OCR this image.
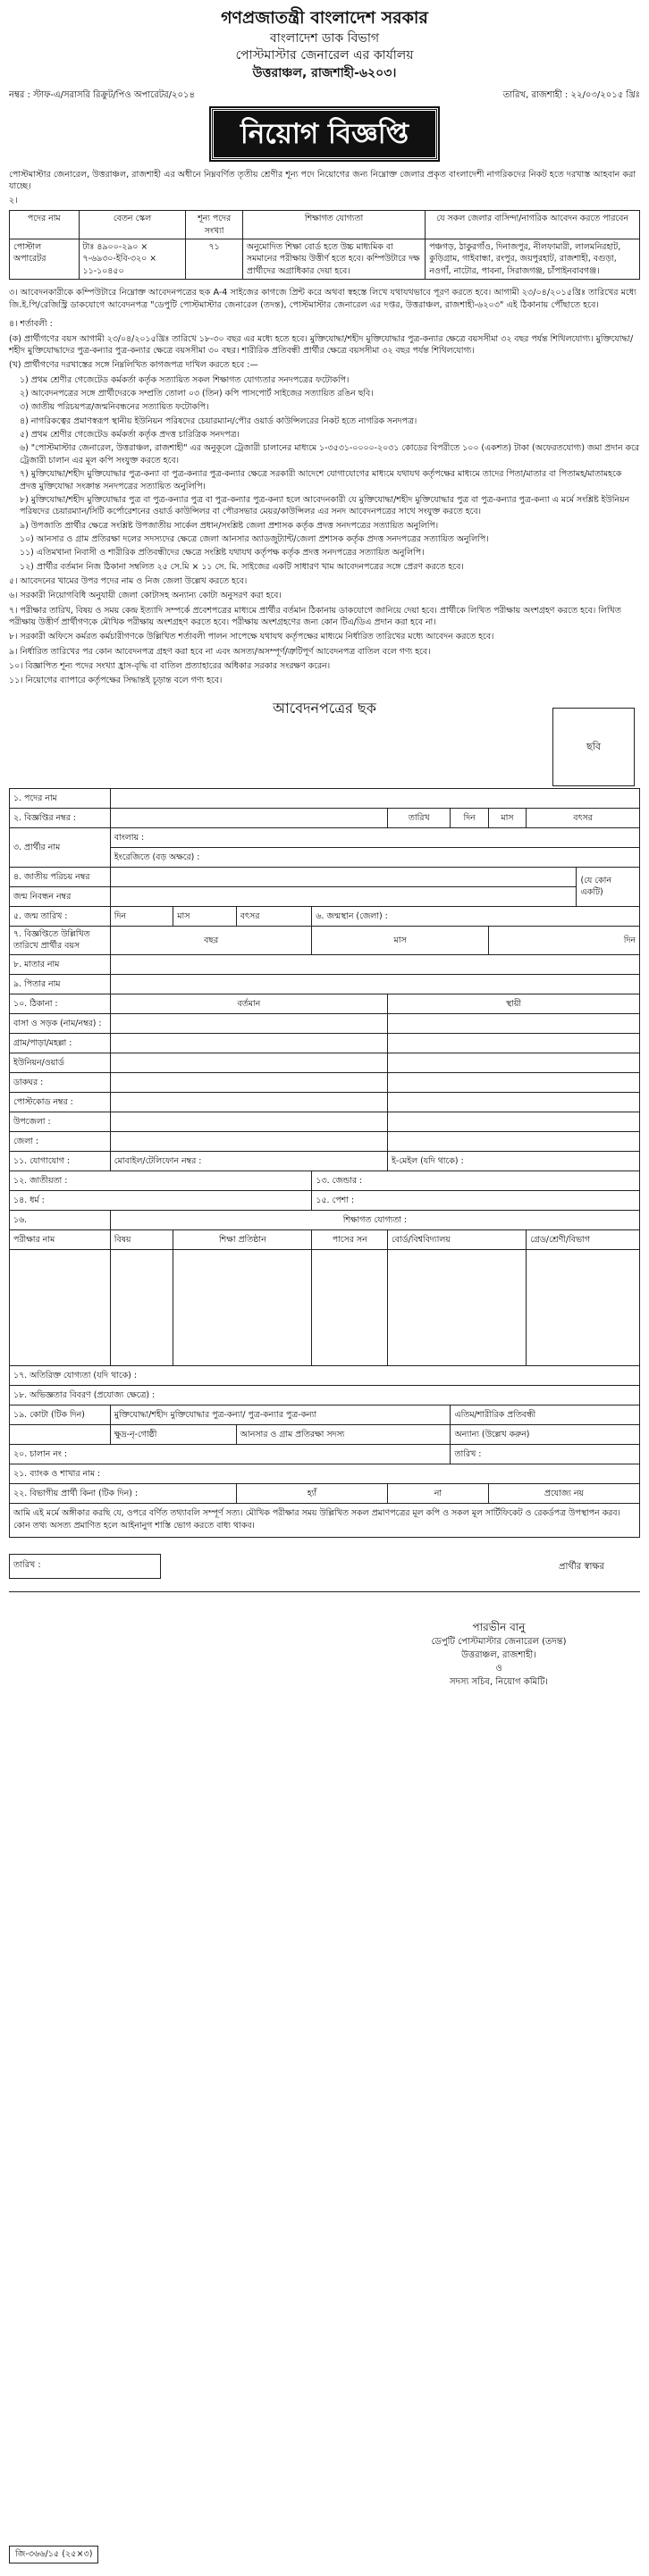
গণপ্রজাতন্ত্রী বাংলাদেশ সরকার
বাংলাদেশ ডাক বিভাগ
পোস্টমাস্টার জেনারেল এর কার্যালয়
উত্তরাঞ্চল, রাজশাহী-৬২০৩।
নম্বর : স্টাফ-এ/সরাসরি রিক্রুট/পিও অপারেটর/২০১৪	তারিখ, রাজশাহী : ২২/০৩/২০১৫ খ্রিঃ
নিয়োগ বিজ্ঞপ্তি

পোস্টমাস্টার জেনারেল, উত্তরাঞ্চল, রাজশাহী এর অধীনে নিম্নবর্ণিত তৃতীয় শ্রেণীর শূন্য পদে নিয়োগের জন্য নিম্নোক্ত জেলার প্রকৃত বাংলাদেশী নাগরিকদের নিকট হতে দরখাস্ত আহবান করা যাচ্ছে।

২।

পদের নাম	বেতন স্কেল	শূন্য পদের সংখ্যা	শিক্ষাগত যোগ্যতা	যে সকল জেলার বাসিন্দা/নাগরিক আবেদন করতে পারবেন
পোস্টাল অপারেটর	টাঃ ৪৯০০-২৯০ × ৭-৬৯৩০-ইবি-৩২০ × ১১-১০৪৫০	৭১	অনুমোদিত শিক্ষা বোর্ড হতে উচ্চ মাধ্যমিক বা সমমানের পরীক্ষায় উত্তীর্ণ হতে হবে। কম্পিউটারে দক্ষ প্রার্থীদের অগ্রাধিকার দেয়া হবে।	পঞ্চগড়, ঠাকুরগাঁও, দিনাজপুর, নীলফামারী, লালমনিরহাট, কুড়িগ্রাম, গাইবান্ধা, রংপুর, জয়পুরহাট, রাজশাহী, বগুড়া, নওগাঁ, নাটোর, পাবনা, সিরাজগঞ্জ, চাঁপাইনবাবগঞ্জ।

৩। আবেদনকারীকে কম্পিউটারে নিম্নোক্ত আবেদনপত্রের ছক A-4 সাইজের কাগজে প্রিন্ট করে অথবা স্বহস্তে লিখে যথাযথভাবে পূরণ করতে হবে। আগামী ২৩/০৪/২০১৫খ্রিঃ তারিখের মধ্যে জি.ই.পি/রেজিস্ট্রি ডাকযোগে আবেদনপত্র "ডেপুটি পোস্টমাস্টার জেনারেল (তদন্ত), পোস্টমাস্টার জেনারেল এর দপ্তর, উত্তরাঞ্চল, রাজশাহী-৬২০৩" এই ঠিকানায় পৌঁছাতে হবে।

৪। শর্তাবলী :
(ক) প্রার্থীগণের বয়স আগামী ২৩/০৪/২০১৫খ্রিঃ তারিখে ১৮-৩০ বছর এর মধ্যে হতে হবে। মুক্তিযোদ্ধা/শহীদ মুক্তিযোদ্ধার পুত্র-কন্যার ক্ষেত্রে বয়সসীমা ৩২ বছর পর্যন্ত শিথিলযোগ্য। মুক্তিযোদ্ধা/শহীদ মুক্তিযোদ্ধাদের পুত্র-কন্যার পুত্র-কন্যার ক্ষেত্রে বয়সসীমা ৩০ বছর। শারীরিক প্রতিবন্ধী প্রার্থীর ক্ষেত্রে বয়সসীমা ৩২ বছর পর্যন্ত শিথিলযোগ্য।
(খ) প্রার্থীগণের দরখাস্তের সঙ্গে নিম্নলিখিত কাগজপত্র দাখিল করতে হবে :—
১) প্রথম শ্রেণীর গেজেটেড কর্মকর্তা কর্তৃক সত্যায়িত সকল শিক্ষাগত যোগ্যতার সনদপত্রের ফটোকপি।
২) আবেদনপত্রের সঙ্গে প্রার্থীদেরকে সম্প্রতি তোলা ০৩ (তিন) কপি পাসপোর্ট সাইজের সত্যায়িত রঙিন ছবি।
৩) জাতীয় পরিচয়পত্র/জন্মনিবন্ধনের সত্যায়িত ফটোকপি।
৪) নাগরিকত্বের প্রমাণস্বরূপ স্থানীয় ইউনিয়ন পরিষদের চেয়ারম্যান/পৌর ওয়ার্ড কাউন্সিলরের নিকট হতে নাগরিক সনদপত্র।
৫) প্রথম শ্রেণীর গেজেটেড কর্মকর্তা কর্তৃক প্রদত্ত চারিত্রিক সনদপত্র।
৬) "পোস্টমাস্টার জেনারেল, উত্তরাঞ্চল, রাজশাহী" এর অনুকূলে ট্রেজারী চালানের মাধ্যমে ১-৩৫৩১-০০০০-২০৩১ কোডের বিপরীতে ১০০ (একশত) টাকা (অফেরতযোগ্য) জমা প্রদান করে ট্রেজারী চালান এর মূল কপি সংযুক্ত করতে হবে।
৭) মুক্তিযোদ্ধা/শহীদ মুক্তিযোদ্ধার পুত্র-কন্যা বা পুত্র-কন্যার পুত্র-কন্যার ক্ষেত্রে সরকারী আদেশে যোগাযোগের মাধ্যমে যথাযথ কর্তৃপক্ষের মাধ্যমে তাদের পিতা/মাতার বা পিতামহ/মাতামহকে প্রদত্ত মুক্তিযোদ্ধা সংক্রান্ত সনদপত্রের সত্যায়িত অনুলিপি।
৮) মুক্তিযোদ্ধা/শহীদ মুক্তিযোদ্ধার পুত্র বা পুত্র-কন্যার পুত্র বা পুত্র-কন্যার পুত্র-কন্যা হলে আবেদনকারী যে মুক্তিযোদ্ধা/শহীদ মুক্তিযোদ্ধার পুত্র বা পুত্র-কন্যার পুত্র-কন্যা এ মর্মে সংশ্লিষ্ট ইউনিয়ন পরিষদের চেয়ারম্যান/সিটি কর্পোরেশনের ওয়ার্ড কাউন্সিলর বা পৌরসভার মেয়র/কাউন্সিলর এর সনদ আবেদনপত্রের সাথে সংযুক্ত করতে হবে।
৯) উপজাতি প্রার্থীর ক্ষেত্রে সংশ্লিষ্ট উপজাতীয় সার্কেল প্রধান/সংশ্লিষ্ট জেলা প্রশাসক কর্তৃক প্রদত্ত সনদপত্রের সত্যায়িত অনুলিপি।
১০) আনসার ও গ্রাম প্রতিরক্ষা দলের সদস্যদের ক্ষেত্রে জেলা আনসার অ্যাডজুট্যান্ট/জেলা প্রশাসক কর্তৃক প্রদত্ত সনদপত্রের সত্যায়িত অনুলিপি।
১১) এতিমখানা নিবাসী ও শারীরিক প্রতিবন্ধীদের ক্ষেত্রে সংশ্লিষ্ট যথাযথ কর্তৃপক্ষ কর্তৃক প্রদত্ত সনদপত্রের সত্যায়িত অনুলিপি।
১২) প্রার্থীর বর্তমান নিজ ঠিকানা সম্বলিত ২৫ সে.মি × ১১ সে. মি. সাইজের একটি সাধারণ খাম আবেদনপত্রের সঙ্গে প্রেরণ করতে হবে।
৫। আবেদনের খামের উপর পদের নাম ও নিজ জেলা উল্লেখ করতে হবে।
৬। সরকারী নিয়োগবিধি অনুযায়ী জেলা কোটাসহ অন্যান্য কোটা অনুসরণ করা হবে।
৭। পরীক্ষার তারিখ, বিষয় ও সময় কেন্দ্র ইত্যাদি সম্পর্কে প্রবেশপত্রের মাধ্যমে প্রার্থীর বর্তমান ঠিকানায় ডাকযোগে জানিয়ে দেয়া হবে। প্রার্থীকে লিখিত পরীক্ষায় অংশগ্রহণ করতে হবে। লিখিত পরীক্ষায় উত্তীর্ণ প্রার্থীগণকে মৌখিক পরীক্ষায় অংশগ্রহণ করতে হবে। পরীক্ষায় অংশগ্রহণের জন্য কোন টিএ/ডিএ প্রদান করা হবে না।
৮। সরকারী অফিসে কর্মরত কর্মচারীগণকে উল্লিখিত শর্তাবলী পালন সাপেক্ষে যথাযথ কর্তৃপক্ষের মাধ্যমে নির্ধারিত তারিখের মধ্যে আবেদন করতে হবে।
৯। নির্ধারিত তারিখের পর কোন আবেদনপত্র গ্রহণ করা হবে না এবং অসত্য/অসম্পূর্ণ/ত্রুটিপূর্ণ আবেদনপত্র বাতিল বলে গণ্য হবে।
১০। বিজ্ঞাপিত শূন্য পদের সংখ্যা হ্রাস-বৃদ্ধি বা বাতিল প্রত্যাহারের অধিকার সরকার সংরক্ষণ করেন।
১১। নিয়োগের ব্যাপারে কর্তৃপক্ষের সিদ্ধান্তই চূড়ান্ত বলে গণ্য হবে।
আবেদনপত্রের ছক
ছবি
১. পদের নাম									
২. বিজ্ঞপ্তির নম্বর :					তারিখ	দিন	মাস	বৎসর	
৩. প্রার্থীর নাম	বাংলায় :								
	ইংরেজিতে (বড় অক্ষরে) :								
৪. জাতীয় পরিচয় নম্বর									(যে কোন একটি)
জন্ম নিবন্ধন নম্বর									
৫. জন্ম তারিখ :	দিন	মাস	বৎসর	৬. জন্মস্থান (জেলা) :					
৭. বিজ্ঞপ্তিতে উল্লিখিত তারিখে প্রার্থীর বয়স	বছর			মাস			দিন		
৮. মাতার নাম									
৯. পিতার নাম									
১০. ঠিকানা :	বর্তমান				স্থায়ী				
বাসা ও সড়ক (নাম/নম্বর) :									
গ্রাম/পাড়া/মহল্লা :									
ইউনিয়ন/ওয়ার্ড									
ডাকঘর :									
পোস্টকোড নম্বর :									
উপজেলা :									
জেলা :									
১১. যোগাযোগ :	মোবাইল/টেলিফোন নম্বর :				ই-মেইল (যদি থাকে) :				
১২. জাতীয়তা :				১৩. জেন্ডার :					
১৪. ধর্ম :				১৫. পেশা :					
১৬.	শিক্ষাগত যোগ্যতা :								
পরীক্ষার নাম	বিষয়	শিক্ষা প্রতিষ্ঠান		পাসের সন	বোর্ড/বিশ্ববিদ্যালয়			গ্রেড/শ্রেণী/বিভাগ	

১৭. অতিরিক্ত যোগ্যতা (যদি থাকে) :									
১৮. অভিজ্ঞতার বিবরণ (প্রযোজ্য ক্ষেত্রে) :									
১৯. কোটা (টিক দিন)	মুক্তিযোদ্ধা/শহীদ মুক্তিযোদ্ধার পুত্র-কন্যা/ পুত্র-কন্যার পুত্র-কন্যা					এতিম/শারীরিক প্রতিবন্ধী			
	ক্ষুদ্র-নৃ-গোষ্ঠী		আনসার ও গ্রাম প্রতিরক্ষা সদস্য			অন্যান্য (উল্লেখ করুন)			
২০. চালান নং :						তারিখ :			
২১. ব্যাংক ও শাখার নাম :									
২২. বিভাগীয় প্রার্থী কিনা (টিক দিন) :			হ্যাঁ		না		প্রযোজ্য নয়		
আমি এই মর্মে অঙ্গীকার করছি যে, ওপরে বর্ণিত তথ্যাবলি সম্পূর্ণ সত্য। মৌখিক পরীক্ষার সময় উল্লিখিত সকল প্রমাণপত্রের মূল কপি ও সকল মূল সার্টিফিকেট ও রেকর্ডপত্র উপস্থাপন করব। কোন তথ্য অসত্য প্রমাণিত হলে আইনানুগ শাস্তি ভোগ করতে বাধ্য থাকব।									
তারিখ :	প্রার্থীর স্বাক্ষর
পারভীন বানু
ডেপুটি পোস্টমাস্টার জেনারেল (তদন্ত)
উত্তরাঞ্চল, রাজশাহী।
ও
সদস্য সচিব, নিয়োগ কমিটি।
জি-৩৬৬/১৫ (২৫×৩)
